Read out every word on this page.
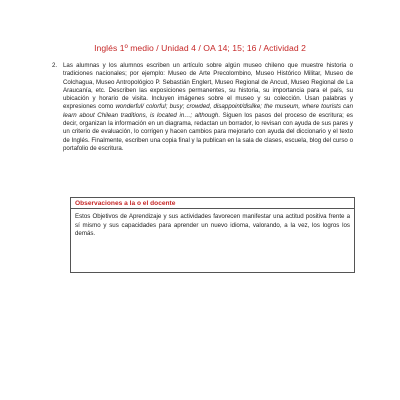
Inglés 1º medio / Unidad 4 / OA 14; 15; 16 / Actividad 2
2. Las alumnas y los alumnos escriben un artículo sobre algún museo chileno que muestre historia o tradiciones nacionales; por ejemplo: Museo de Arte Precolombino, Museo Histórico Militar, Museo de Colchagua, Museo Antropológico P. Sebastián Englert, Museo Regional de Ancud, Museo Regional de La Araucanía, etc. Describen las exposiciones permanentes, su historia, su importancia para el país, su ubicación y horario de visita. Incluyen imágenes sobre el museo y su colección. Usan palabras y expresiones como wonderful/ colorful; busy; crowded, disappoint/dislike; the museum, where tourists can learn about Chilean traditions, is located in…; although. Siguen los pasos del proceso de escritura; es decir, organizan la información en un diagrama, redactan un borrador, lo revisan con ayuda de sus pares y un criterio de evaluación, lo corrigen y hacen cambios para mejorarlo con ayuda del diccionario y el texto de Inglés. Finalmente, escriben una copia final y la publican en la sala de clases, escuela, blog del curso o portafolio de escritura.
Observaciones a la o el docente
Estos Objetivos de Aprendizaje y sus actividades favorecen manifestar una actitud positiva frente a sí mismo y sus capacidades para aprender un nuevo idioma, valorando, a la vez, los logros los demás.
